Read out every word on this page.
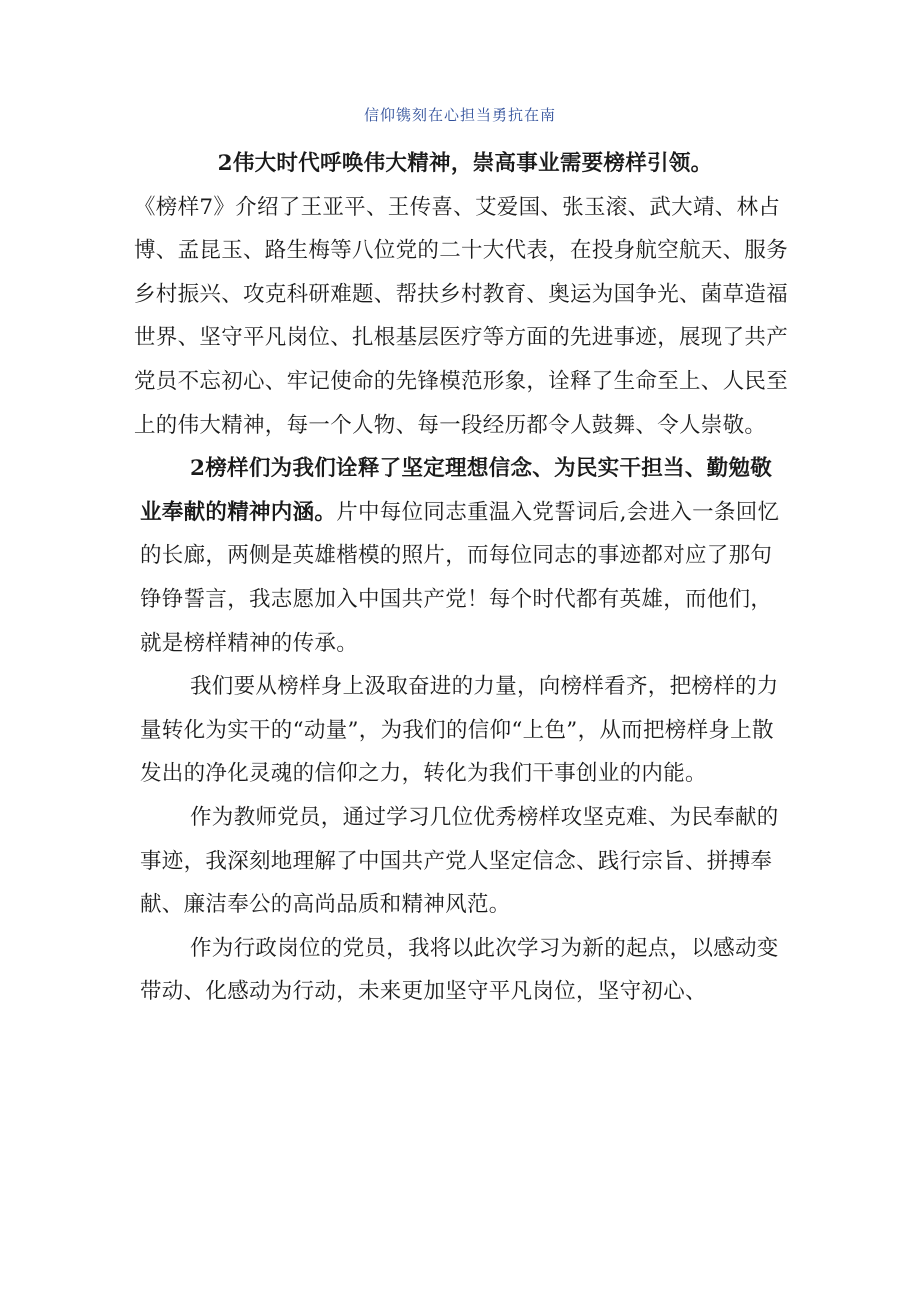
信仰镌刻在心担当勇抗在南

2伟大时代呼唤伟大精神，崇高事业需要榜样引领。

《榜样7》介绍了王亚平、王传喜、艾爱国、张玉滚、武大靖、林占博、孟昆玉、路生梅等八位党的二十大代表，在投身航空航天、服务乡村振兴、攻克科研难题、帮扶乡村教育、奥运为国争光、菌草造福世界、坚守平凡岗位、扎根基层医疗等方面的先进事迹，展现了共产党员不忘初心、牢记使命的先锋模范形象，诠释了生命至上、人民至上的伟大精神，每一个人物、每一段经历都令人鼓舞、令人崇敬。

2榜样们为我们诠释了坚定理想信念、为民实干担当、勤勉敬业奉献的精神内涵。片中每位同志重温入党誓词后,会进入一条回忆的长廊，两侧是英雄楷模的照片，而每位同志的事迹都对应了那句铮铮誓言，我志愿加入中国共产党！每个时代都有英雄，而他们，就是榜样精神的传承。

我们要从榜样身上汲取奋进的力量，向榜样看齐，把榜样的力量转化为实干的“动量”，为我们的信仰“上色”，从而把榜样身上散发出的净化灵魂的信仰之力，转化为我们干事创业的内能。

作为教师党员，通过学习几位优秀榜样攻坚克难、为民奉献的事迹，我深刻地理解了中国共产党人坚定信念、践行宗旨、拼搏奉献、廉洁奉公的高尚品质和精神风范。

作为行政岗位的党员，我将以此次学习为新的起点，以感动变带动、化感动为行动，未来更加坚守平凡岗位，坚守初心、
